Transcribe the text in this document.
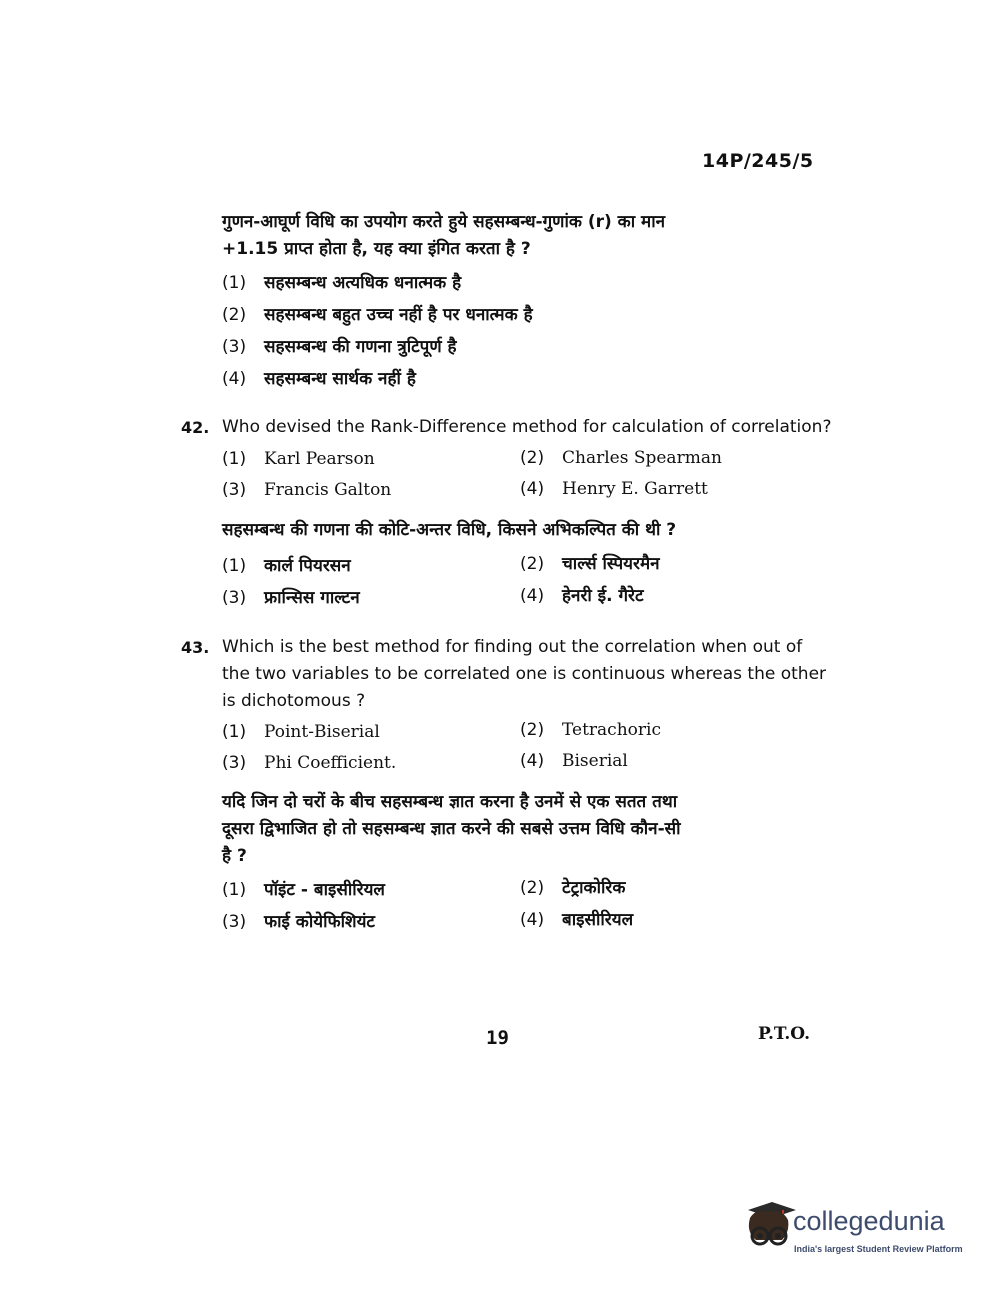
14P/245/5
गुणन-आघूर्ण विधि का उपयोग करते हुये सहसम्बन्ध-गुणांक (r) का मान
+1.15 प्राप्त होता है, यह क्या इंगित करता है ?
(1) सहसम्बन्ध अत्यधिक धनात्मक है
(2) सहसम्बन्ध बहुत उच्च नहीं है पर धनात्मक है
(3) सहसम्बन्ध की गणना त्रुटिपूर्ण है
(4) सहसम्बन्ध सार्थक नहीं है
42. Who devised the Rank-Difference method for calculation of correlation?
(1) Karl Pearson	(2) Charles Spearman
(3) Francis Galton	(4) Henry E. Garrett
सहसम्बन्ध की गणना की कोटि-अन्तर विधि, किसने अभिकल्पित की थी ?
(1) कार्ल पियरसन	(2) चार्ल्स स्पियरमैन
(3) फ्रान्सिस गाल्टन	(4) हेनरी ई. गैरेट
43. Which is the best method for finding out the correlation when out of
the two variables to be correlated one is continuous whereas the other
is dichotomous ?
(1) Point-Biserial	(2) Tetrachoric
(3) Phi Coefficient.	(4) Biserial
यदि जिन दो चरों के बीच सहसम्बन्ध ज्ञात करना है उनमें से एक सतत तथा
दूसरा द्विभाजित हो तो सहसम्बन्ध ज्ञात करने की सबसे उत्तम विधि कौन-सी
है ?
(1) पॉइंट - बाइसीरियल	(2) टेट्राकोरिक
(3) फाई कोयेफिशियंट	(4) बाइसीरियल
19	P.T.O.
collegedunia
India's largest Student Review Platform
